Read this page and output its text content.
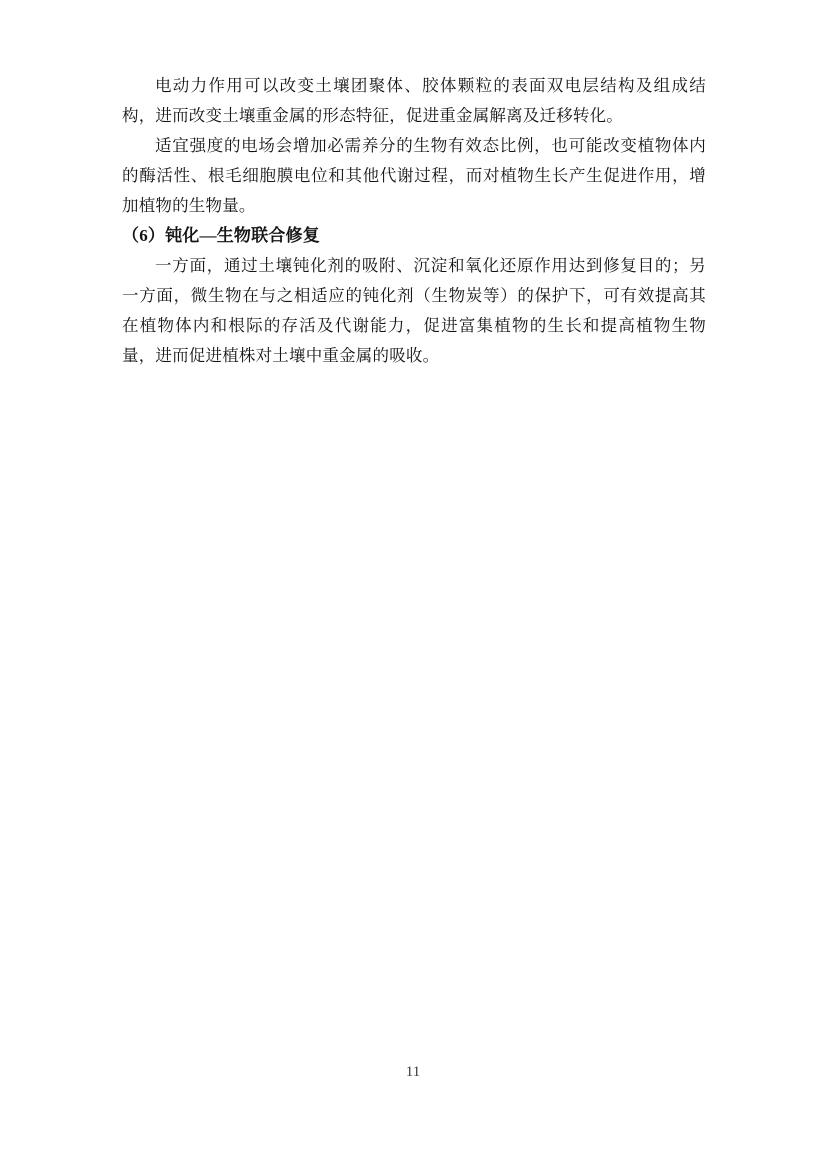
电动力作用可以改变土壤团聚体、胶体颗粒的表面双电层结构及组成结构，进而改变土壤重金属的形态特征，促进重金属解离及迁移转化。

适宜强度的电场会增加必需养分的生物有效态比例，也可能改变植物体内的酶活性、根毛细胞膜电位和其他代谢过程，而对植物生长产生促进作用，增加植物的生物量。

（6）钝化—生物联合修复

一方面，通过土壤钝化剂的吸附、沉淀和氧化还原作用达到修复目的；另一方面，微生物在与之相适应的钝化剂（生物炭等）的保护下，可有效提高其在植物体内和根际的存活及代谢能力，促进富集植物的生长和提高植物生物量，进而促进植株对土壤中重金属的吸收。

11
